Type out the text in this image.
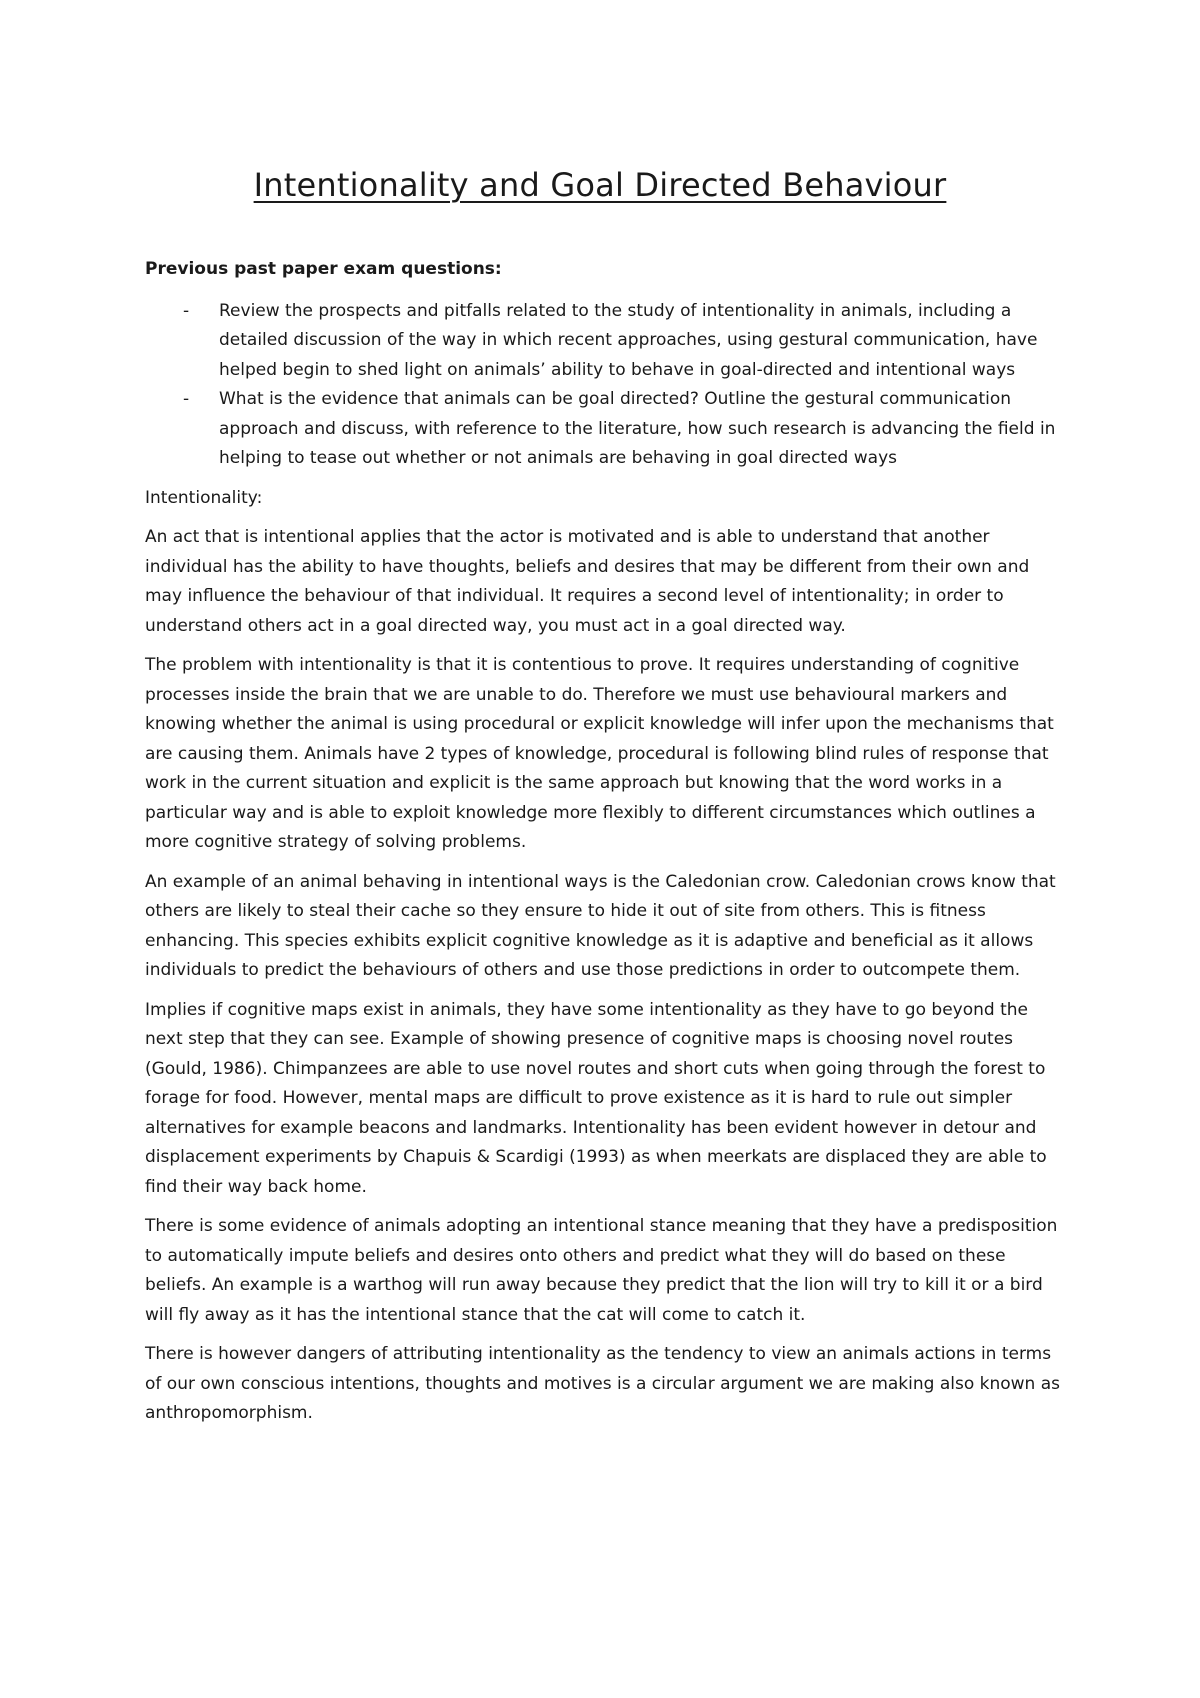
Intentionality and Goal Directed Behaviour

Previous past paper exam questions:

- Review the prospects and pitfalls related to the study of intentionality in animals, including a detailed discussion of the way in which recent approaches, using gestural communication, have helped begin to shed light on animals’ ability to behave in goal-directed and intentional ways
- What is the evidence that animals can be goal directed? Outline the gestural communication approach and discuss, with reference to the literature, how such research is advancing the field in helping to tease out whether or not animals are behaving in goal directed ways

Intentionality:

An act that is intentional applies that the actor is motivated and is able to understand that another individual has the ability to have thoughts, beliefs and desires that may be different from their own and may influence the behaviour of that individual. It requires a second level of intentionality; in order to understand others act in a goal directed way, you must act in a goal directed way.

The problem with intentionality is that it is contentious to prove. It requires understanding of cognitive processes inside the brain that we are unable to do. Therefore we must use behavioural markers and knowing whether the animal is using procedural or explicit knowledge will infer upon the mechanisms that are causing them. Animals have 2 types of knowledge, procedural is following blind rules of response that work in the current situation and explicit is the same approach but knowing that the word works in a particular way and is able to exploit knowledge more flexibly to different circumstances which outlines a more cognitive strategy of solving problems.

An example of an animal behaving in intentional ways is the Caledonian crow. Caledonian crows know that others are likely to steal their cache so they ensure to hide it out of site from others. This is fitness enhancing. This species exhibits explicit cognitive knowledge as it is adaptive and beneficial as it allows individuals to predict the behaviours of others and use those predictions in order to outcompete them.

Implies if cognitive maps exist in animals, they have some intentionality as they have to go beyond the next step that they can see. Example of showing presence of cognitive maps is choosing novel routes (Gould, 1986). Chimpanzees are able to use novel routes and short cuts when going through the forest to forage for food. However, mental maps are difficult to prove existence as it is hard to rule out simpler alternatives for example beacons and landmarks. Intentionality has been evident however in detour and displacement experiments by Chapuis & Scardigi (1993) as when meerkats are displaced they are able to find their way back home.

There is some evidence of animals adopting an intentional stance meaning that they have a predisposition to automatically impute beliefs and desires onto others and predict what they will do based on these beliefs. An example is a warthog will run away because they predict that the lion will try to kill it or a bird will fly away as it has the intentional stance that the cat will come to catch it.

There is however dangers of attributing intentionality as the tendency to view an animals actions in terms of our own conscious intentions, thoughts and motives is a circular argument we are making also known as anthropomorphism.
